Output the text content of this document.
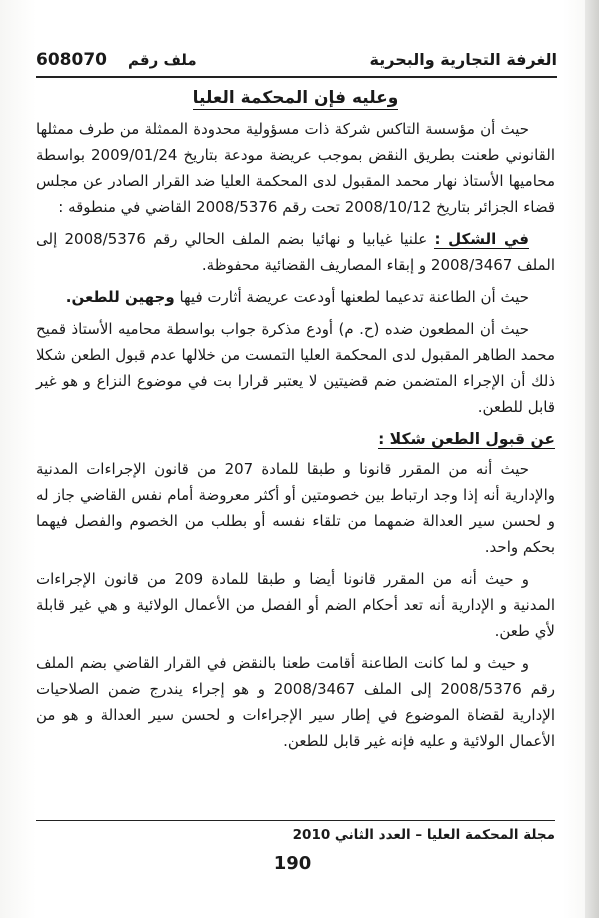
608070 ملف رقم	الغرفة التجارية والبحرية
وعليه فإن المحكمة العليا

حيث أن مؤسسة التاكس شركة ذات مسؤولية محدودة الممثلة من طرف ممثلها القانوني طعنت بطريق النقض بموجب عريضة مودعة بتاريخ 2009/01/24 بواسطة محاميها الأستاذ نهار محمد المقبول لدى المحكمة العليا ضد القرار الصادر عن مجلس قضاء الجزائر بتاريخ 2008/10/12 تحت رقم 2008/5376 القاضي في منطوقه :

في الشكل : علنيا غيابيا و نهائيا بضم الملف الحالي رقم 2008/5376 إلى الملف 2008/3467 و إبقاء المصاريف القضائية محفوظة.

حيث أن الطاعنة تدعيما لطعنها أودعت عريضة أثارت فيها وجهين للطعن.

حيث أن المطعون ضده (ح. م) أودع مذكرة جواب بواسطة محاميه الأستاذ قميح محمد الطاهر المقبول لدى المحكمة العليا التمست من خلالها عدم قبول الطعن شكلا ذلك أن الإجراء المتضمن ضم قضيتين لا يعتبر قرارا بت في موضوع النزاع و هو غير قابل للطعن.

عن قبول الطعن شكلا :

حيث أنه من المقرر قانونا و طبقا للمادة 207 من قانون الإجراءات المدنية والإدارية أنه إذا وجد ارتباط بين خصومتين أو أكثر معروضة أمام نفس القاضي جاز له و لحسن سير العدالة ضمهما من تلقاء نفسه أو بطلب من الخصوم والفصل فيهما بحكم واحد.

و حيث أنه من المقرر قانونا أيضا و طبقا للمادة 209 من قانون الإجراءات المدنية و الإدارية أنه تعد أحكام الضم أو الفصل من الأعمال الولائية و هي غير قابلة لأي طعن.

و حيث و لما كانت الطاعنة أقامت طعنا بالنقض في القرار القاضي بضم الملف رقم 2008/5376 إلى الملف 2008/3467 و هو إجراء يندرج ضمن الصلاحيات الإدارية لقضاة الموضوع في إطار سير الإجراءات و لحسن سير العدالة و هو من الأعمال الولائية و عليه فإنه غير قابل للطعن.

مجلة المحكمة العليا – العدد الثاني 2010
190
